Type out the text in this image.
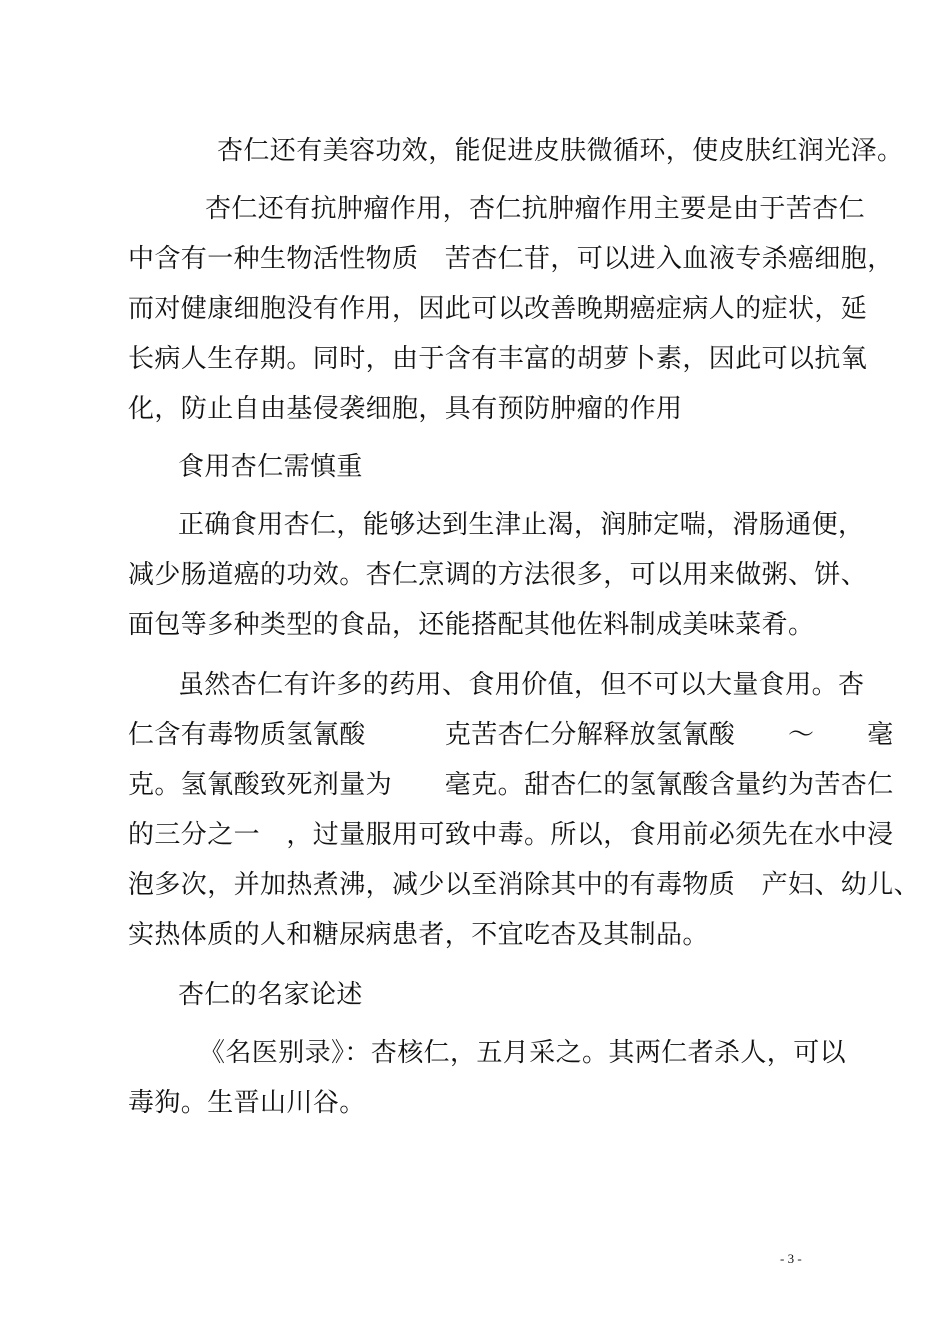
杏仁还有美容功效，能促进皮肤微循环，使皮肤红润光泽。
杏仁还有抗肿瘤作用，杏仁抗肿瘤作用主要是由于苦杏仁
中含有一种生物活性物质　苦杏仁苷，可以进入血液专杀癌细胞，
而对健康细胞没有作用，因此可以改善晚期癌症病人的症状，延
长病人生存期。同时，由于含有丰富的胡萝卜素，因此可以抗氧
化，防止自由基侵袭细胞，具有预防肿瘤的作用
食用杏仁需慎重
正确食用杏仁，能够达到生津止渴，润肺定喘，滑肠通便，
减少肠道癌的功效。杏仁烹调的方法很多，可以用来做粥、饼、
面包等多种类型的食品，还能搭配其他佐料制成美味菜肴。
虽然杏仁有许多的药用、食用价值，但不可以大量食用。杏
仁含有毒物质氢氰酸　　　克苦杏仁分解释放氢氰酸　　～　　毫
克。氢氰酸致死剂量为　　毫克。甜杏仁的氢氰酸含量约为苦杏仁
的三分之一　，过量服用可致中毒。所以，食用前必须先在水中浸
泡多次，并加热煮沸，减少以至消除其中的有毒物质　产妇、幼儿、
实热体质的人和糖尿病患者，不宜吃杏及其制品。
杏仁的名家论述
《名医别录》：杏核仁，五月采之。其两仁者杀人，可以
毒狗。生晋山川谷。
- 3 -
